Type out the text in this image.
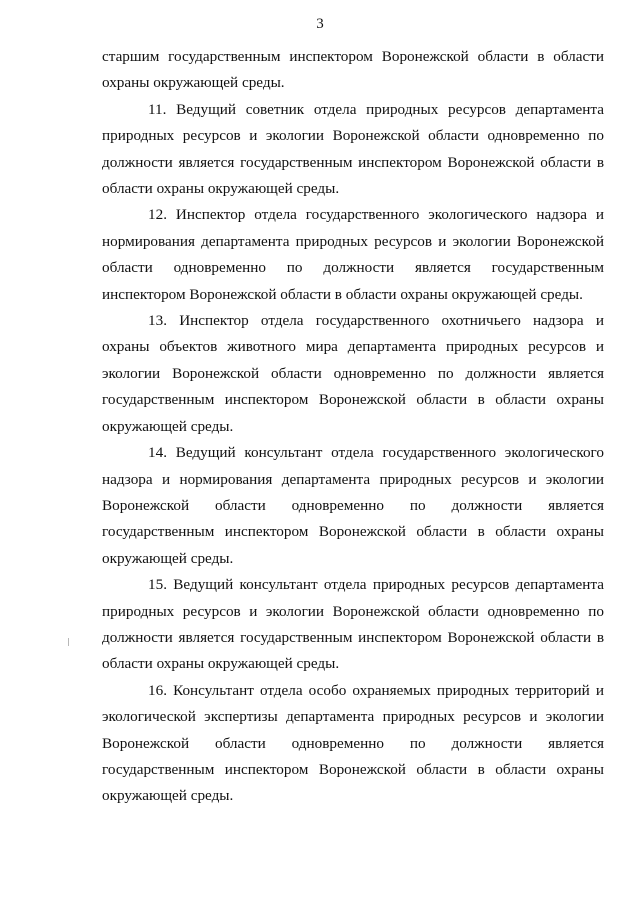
3

старшим государственным инспектором Воронежской области в области охраны окружающей среды.

11. Ведущий советник отдела природных ресурсов департамента природных ресурсов и экологии Воронежской области одновременно по должности является государственным инспектором Воронежской области в области охраны окружающей среды.

12. Инспектор отдела государственного экологического надзора и нормирования департамента природных ресурсов и экологии Воронежской области одновременно по должности является государственным инспектором Воронежской области в области охраны окружающей среды.

13. Инспектор отдела государственного охотничьего надзора и охраны объектов животного мира департамента природных ресурсов и экологии Воронежской области одновременно по должности является государственным инспектором Воронежской области в области охраны окружающей среды.

14. Ведущий консультант отдела государственного экологического надзора и нормирования департамента природных ресурсов и экологии Воронежской области одновременно по должности является государственным инспектором Воронежской области в области охраны окружающей среды.

15. Ведущий консультант отдела природных ресурсов департамента природных ресурсов и экологии Воронежской области одновременно по должности является государственным инспектором Воронежской области в области охраны окружающей среды.

16. Консультант отдела особо охраняемых природных территорий и экологической экспертизы департамента природных ресурсов и экологии Воронежской области одновременно по должности является государственным инспектором Воронежской области в области охраны окружающей среды.
